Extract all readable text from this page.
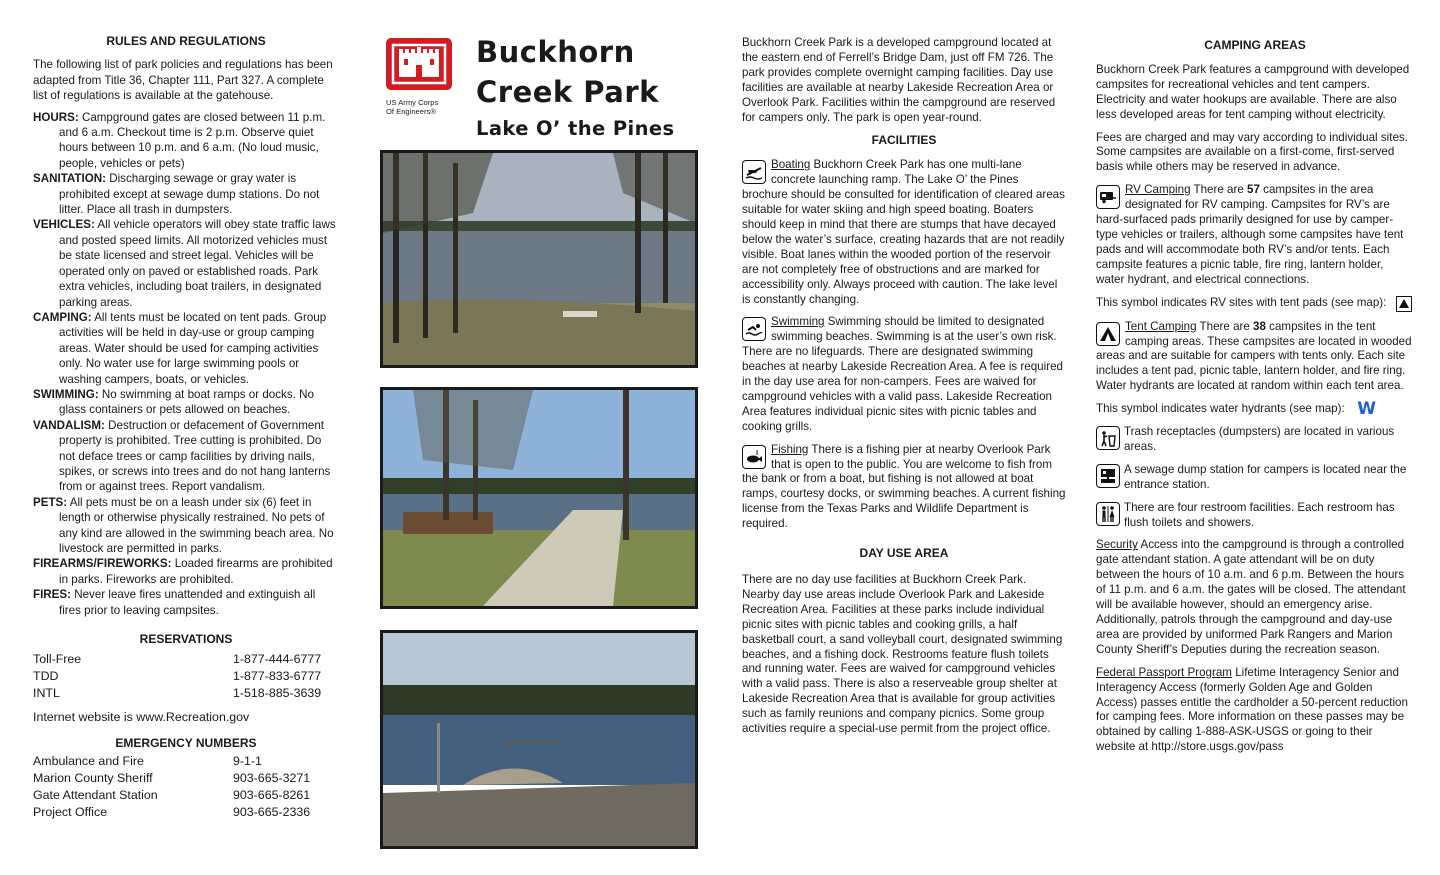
RULES AND REGULATIONS
The following list of park policies and regulations has been adapted from Title 36, Chapter 111, Part 327. A complete list of regulations is available at the gatehouse.
HOURS: Campground gates are closed between 11 p.m. and 6 a.m. Checkout time is 2 p.m. Observe quiet hours between 10 p.m. and 6 a.m. (No loud music, people, vehicles or pets)
SANITATION: Discharging sewage or gray water is prohibited except at sewage dump stations. Do not litter. Place all trash in dumpsters.
VEHICLES: All vehicle operators will obey state traffic laws and posted speed limits. All motorized vehicles must be state licensed and street legal. Vehicles will be operated only on paved or established roads. Park extra vehicles, including boat trailers, in designated parking areas.
CAMPING: All tents must be located on tent pads. Group activities will be held in day-use or group camping areas. Water should be used for camping activities only. No water use for large swimming pools or washing campers, boats, or vehicles.
SWIMMING: No swimming at boat ramps or docks. No glass containers or pets allowed on beaches.
VANDALISM: Destruction or defacement of Government property is prohibited. Tree cutting is prohibited. Do not deface trees or camp facilities by driving nails, spikes, or screws into trees and do not hang lanterns from or against trees. Report vandalism.
PETS: All pets must be on a leash under six (6) feet in length or otherwise physically restrained. No pets of any kind are allowed in the swimming beach area. No livestock are permitted in parks.
FIREARMS/FIREWORKS: Loaded firearms are prohibited in parks. Fireworks are prohibited.
FIRES: Never leave fires unattended and extinguish all fires prior to leaving campsites.
RESERVATIONS
Toll-Free	1-877-444-6777
TDD	1-877-833-6777
INTL	1-518-885-3639
Internet website is www.Recreation.gov
EMERGENCY NUMBERS
Ambulance and Fire	9-1-1
Marion County Sheriff	903-665-3271
Gate Attendant Station	903-665-8261
Project Office	903-665-2336
US Army Corps
Of Engineers®
Buckhorn
Creek Park
Lake O’ the Pines
Buckhorn Creek Park is a developed campground located at the eastern end of Ferrell’s Bridge Dam, just off FM 726. The park provides complete overnight camping facilities. Day use facilities are available at nearby Lakeside Recreation Area or Overlook Park. Facilities within the campground are reserved for campers only. The park is open year-round.
FACILITIES
Boating Buckhorn Creek Park has one multi-lane concrete launching ramp. The Lake O’ the Pines brochure should be consulted for identification of cleared areas suitable for water skiing and high speed boating. Boaters should keep in mind that there are stumps that have decayed below the water’s surface, creating hazards that are not readily visible. Boat lanes within the wooded portion of the reservoir are not completely free of obstructions and are marked for accessibility only. Always proceed with caution. The lake level is constantly changing.
Swimming Swimming should be limited to designated swimming beaches. Swimming is at the user’s own risk. There are no lifeguards. There are designated swimming beaches at nearby Lakeside Recreation Area. A fee is required in the day use area for non-campers. Fees are waived for campground vehicles with a valid pass. Lakeside Recreation Area features individual picnic sites with picnic tables and cooking grills.
Fishing There is a fishing pier at nearby Overlook Park that is open to the public. You are welcome to fish from the bank or from a boat, but fishing is not allowed at boat ramps, courtesy docks, or swimming beaches. A current fishing license from the Texas Parks and Wildlife Department is required.
DAY USE AREA
There are no day use facilities at Buckhorn Creek Park. Nearby day use areas include Overlook Park and Lakeside Recreation Area. Facilities at these parks include individual picnic sites with picnic tables and cooking grills, a half basketball court, a sand volleyball court, designated swimming beaches, and a fishing dock. Restrooms feature flush toilets and running water. Fees are waived for campground vehicles with a valid pass. There is also a reserveable group shelter at Lakeside Recreation Area that is available for group activities such as family reunions and company picnics. Some group activities require a special-use permit from the project office.
CAMPING AREAS
Buckhorn Creek Park features a campground with developed campsites for recreational vehicles and tent campers. Electricity and water hookups are available. There are also less developed areas for tent camping without electricity.
Fees are charged and may vary according to individual sites. Some campsites are available on a first-come, first-served basis while others may be reserved in advance.
RV Camping There are 57 campsites in the area designated for RV camping. Campsites for RV’s are hard-surfaced pads primarily designed for use by camper-type vehicles or trailers, although some campsites have tent pads and will accommodate both RV’s and/or tents. Each campsite features a picnic table, fire ring, lantern holder, water hydrant, and electrical connections.
This symbol indicates RV sites with tent pads (see map):
Tent Camping There are 38 campsites in the tent camping areas. These campsites are located in wooded areas and are suitable for campers with tents only. Each site includes a tent pad, picnic table, lantern holder, and fire ring. Water hydrants are located at random within each tent area.
This symbol indicates water hydrants (see map): W
Trash receptacles (dumpsters) are located in various areas.
A sewage dump station for campers is located near the entrance station.
There are four restroom facilities. Each restroom has flush toilets and showers.
Security Access into the campground is through a controlled gate attendant station. A gate attendant will be on duty between the hours of 10 a.m. and 6 p.m. Between the hours of 11 p.m. and 6 a.m. the gates will be closed. The attendant will be available however, should an emergency arise. Additionally, patrols through the campground and day-use area are provided by uniformed Park Rangers and Marion County Sheriff’s Deputies during the recreation season.
Federal Passport Program Lifetime Interagency Senior and Interagency Access (formerly Golden Age and Golden Access) passes entitle the cardholder a 50-percent reduction for camping fees. More information on these passes may be obtained by calling 1-888-ASK-USGS or going to their website at http://store.usgs.gov/pass
